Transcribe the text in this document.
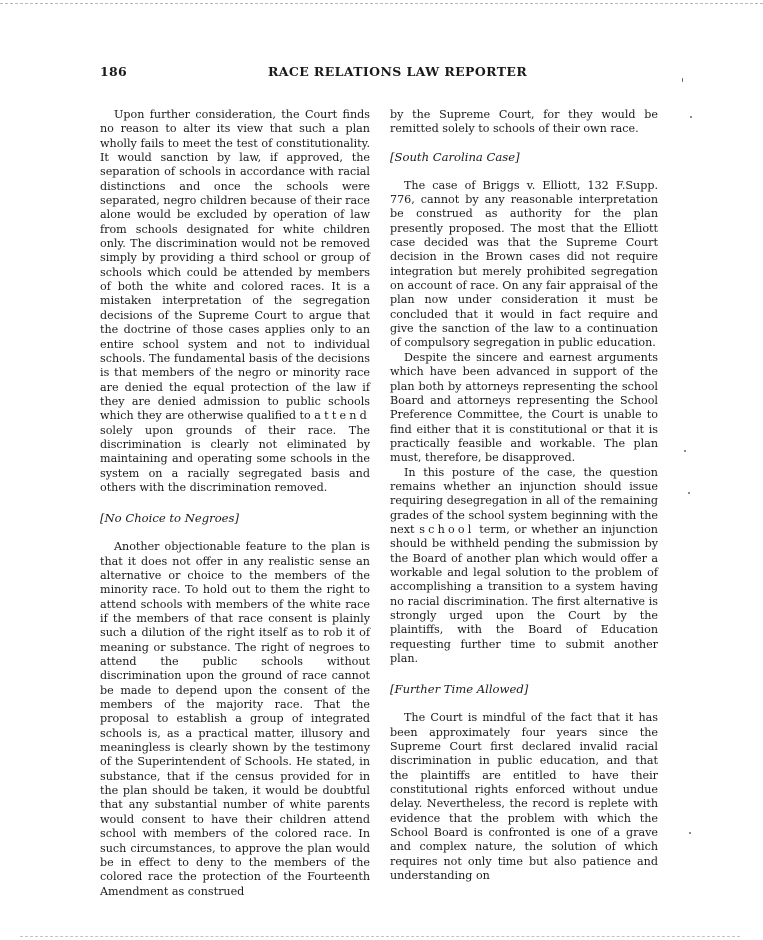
186	RACE RELATIONS LAW REPORTER

Upon further consideration, the Court finds no reason to alter its view that such a plan wholly fails to meet the test of constitutionality. It would sanction by law, if approved, the separation of schools in accordance with racial distinctions and once the schools were separated, negro children because of their race alone would be excluded by operation of law from schools designated for white children only. The discrimination would not be removed simply by providing a third school or group of schools which could be attended by members of both the white and colored races. It is a mistaken interpretation of the segregation decisions of the Supreme Court to argue that the doctrine of those cases applies only to an entire school system and not to individual schools. The fundamental basis of the decisions is that members of the negro or minority race are denied the equal protection of the law if they are denied admission to public schools which they are otherwise qualified to attend solely upon grounds of their race. The discrimination is clearly not eliminated by maintaining and operating some schools in the system on a racially segregated basis and others with the discrimination removed.

[No Choice to Negroes]

Another objectionable feature to the plan is that it does not offer in any realistic sense an alternative or choice to the members of the minority race. To hold out to them the right to attend schools with members of the white race if the members of that race consent is plainly such a dilution of the right itself as to rob it of meaning or substance. The right of negroes to attend the public schools without discrimination upon the ground of race cannot be made to depend upon the consent of the members of the majority race. That the proposal to establish a group of integrated schools is, as a practical matter, illusory and meaningless is clearly shown by the testimony of the Superintendent of Schools. He stated, in substance, that if the census provided for in the plan should be taken, it would be doubtful that any substantial number of white parents would consent to have their children attend school with members of the colored race. In such circumstances, to approve the plan would be in effect to deny to the members of the colored race the protection of the Fourteenth Amendment as construed

by the Supreme Court, for they would be remitted solely to schools of their own race.

[South Carolina Case]

The case of Briggs v. Elliott, 132 F.Supp. 776, cannot by any reasonable interpretation be construed as authority for the plan presently proposed. The most that the Elliott case decided was that the Supreme Court decision in the Brown cases did not require integration but merely prohibited segregation on account of race. On any fair appraisal of the plan now under consideration it must be concluded that it would in fact require and give the sanction of the law to a continuation of compulsory segregation in public education.

Despite the sincere and earnest arguments which have been advanced in support of the plan both by attorneys representing the school Board and attorneys representing the School Preference Committee, the Court is unable to find either that it is constitutional or that it is practically feasible and workable. The plan must, therefore, be disapproved.

In this posture of the case, the question remains whether an injunction should issue requiring desegregation in all of the remaining grades of the school system beginning with the next school term, or whether an injunction should be withheld pending the submission by the Board of another plan which would offer a workable and legal solution to the problem of accomplishing a transition to a system having no racial discrimination. The first alternative is strongly urged upon the Court by the plaintiffs, with the Board of Education requesting further time to submit another plan.

[Further Time Allowed]

The Court is mindful of the fact that it has been approximately four years since the Supreme Court first declared invalid racial discrimination in public education, and that the plaintiffs are entitled to have their constitutional rights enforced without undue delay. Nevertheless, the record is replete with evidence that the problem with which the School Board is confronted is one of a grave and complex nature, the solution of which requires not only time but also patience and understanding on
